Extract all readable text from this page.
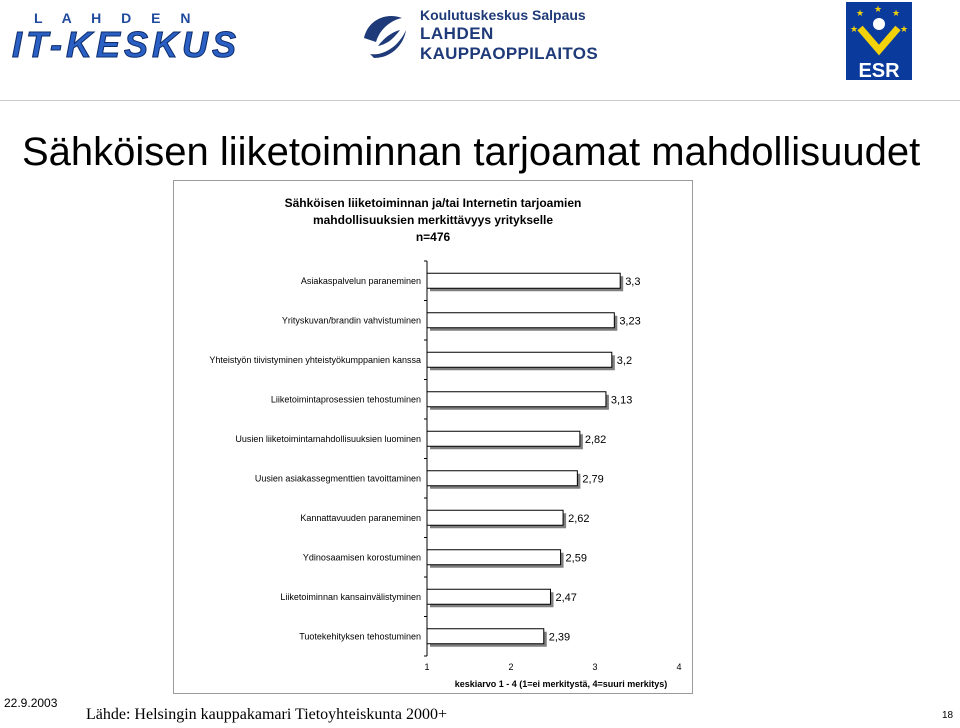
L A H D E N
IT-KESKUS
Koulutuskeskus Salpaus
LAHDEN
KAUPPAOPPILAITOS
★ ★ ★
★	★
ESR
Sähköisen liiketoiminnan tarjoamat mahdollisuudet
Sähköisen liiketoiminnan ja/tai Internetin tarjoamien
mahdollisuuksien merkittävyys yritykselle
n=476
Asiakaspalvelun paraneminen	3,3
Yrityskuvan/brandin vahvistuminen	3,23
Yhteistyön tiivistyminen yhteistyökumppanien kanssa	3,2
Liiketoimintaprosessien tehostuminen	3,13
Uusien liiketoimintamahdollisuuksien luominen	2,82
Uusien asiakassegmenttien tavoittaminen	2,79
Kannattavuuden paraneminen	2,62
Ydinosaamisen korostuminen	2,59
Liiketoiminnan kansainvälistyminen	2,47
Tuotekehityksen tehostuminen	2,39
1	2	3	4
keskiarvo 1 - 4 (1=ei merkitystä, 4=suuri merkitys)
22.9.2003
Lähde: Helsingin kauppakamari Tietoyhteiskunta 2000+	18
